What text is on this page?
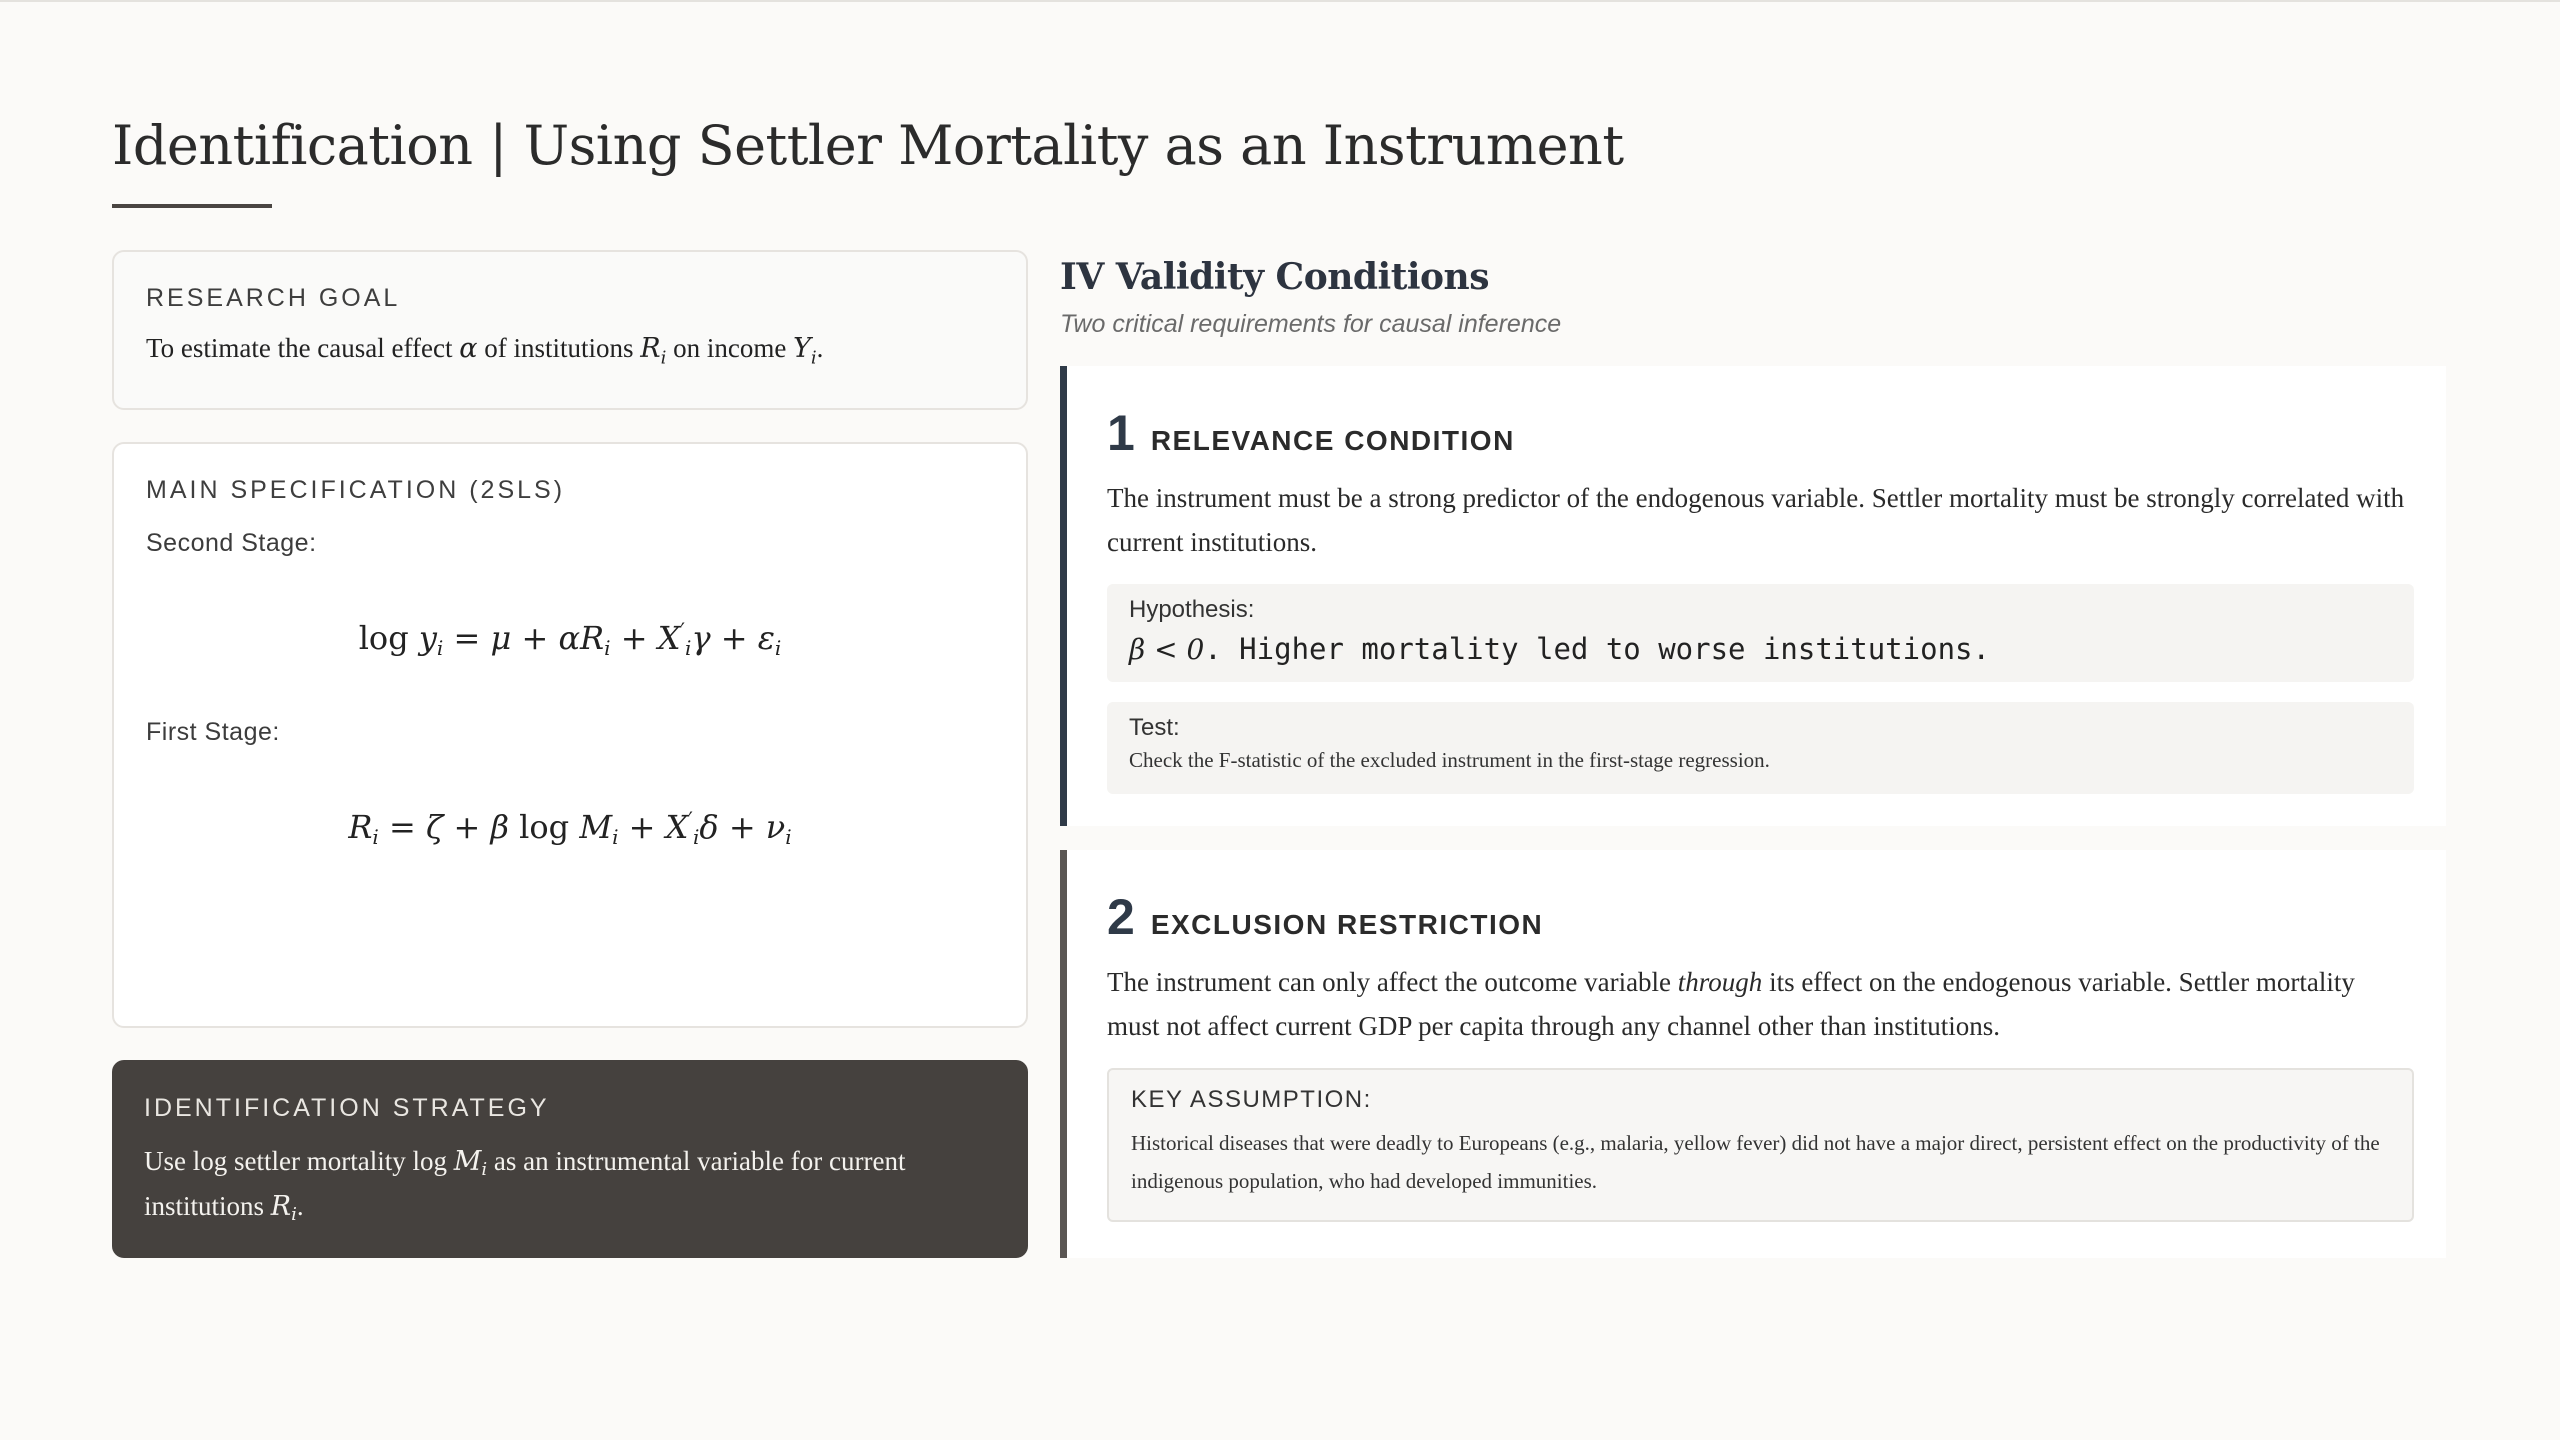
Identification | Using Settler Mortality as an Instrument
RESEARCH GOAL
To estimate the causal effect α of institutions $R_i$ on income $Y_i$.
MAIN SPECIFICATION (2SLS)
Second Stage:
$\log y_i = \mu + \alpha R_i + X'_i\gamma + \varepsilon_i$
First Stage:
$R_i = \zeta + \beta$ $\log M_i + X'_i\delta + \nu_i$
IDENTIFICATION STRATEGY
Use log settler mortality $\log M_i$ as an instrumental variable for current institutions $R_i$.
IV Validity Conditions
Two critical requirements for causal inference
1 RELEVANCE CONDITION

The instrument must be a strong predictor of the endogenous variable. Settler mortality must be strongly correlated with current institutions.

Hypothesis:
β < 0. Higher mortality led to worse institutions.
Test:
Check the F-statistic of the excluded instrument in the first-stage regression.
2 EXCLUSION RESTRICTION

The instrument can only affect the outcome variable through its effect on the endogenous variable. Settler mortality must not affect current GDP per capita through any channel other than institutions.

KEY ASSUMPTION:
Historical diseases that were deadly to Europeans (e.g., malaria, yellow fever) did not have a major direct, persistent effect on the productivity of the indigenous population, who had developed immunities.
